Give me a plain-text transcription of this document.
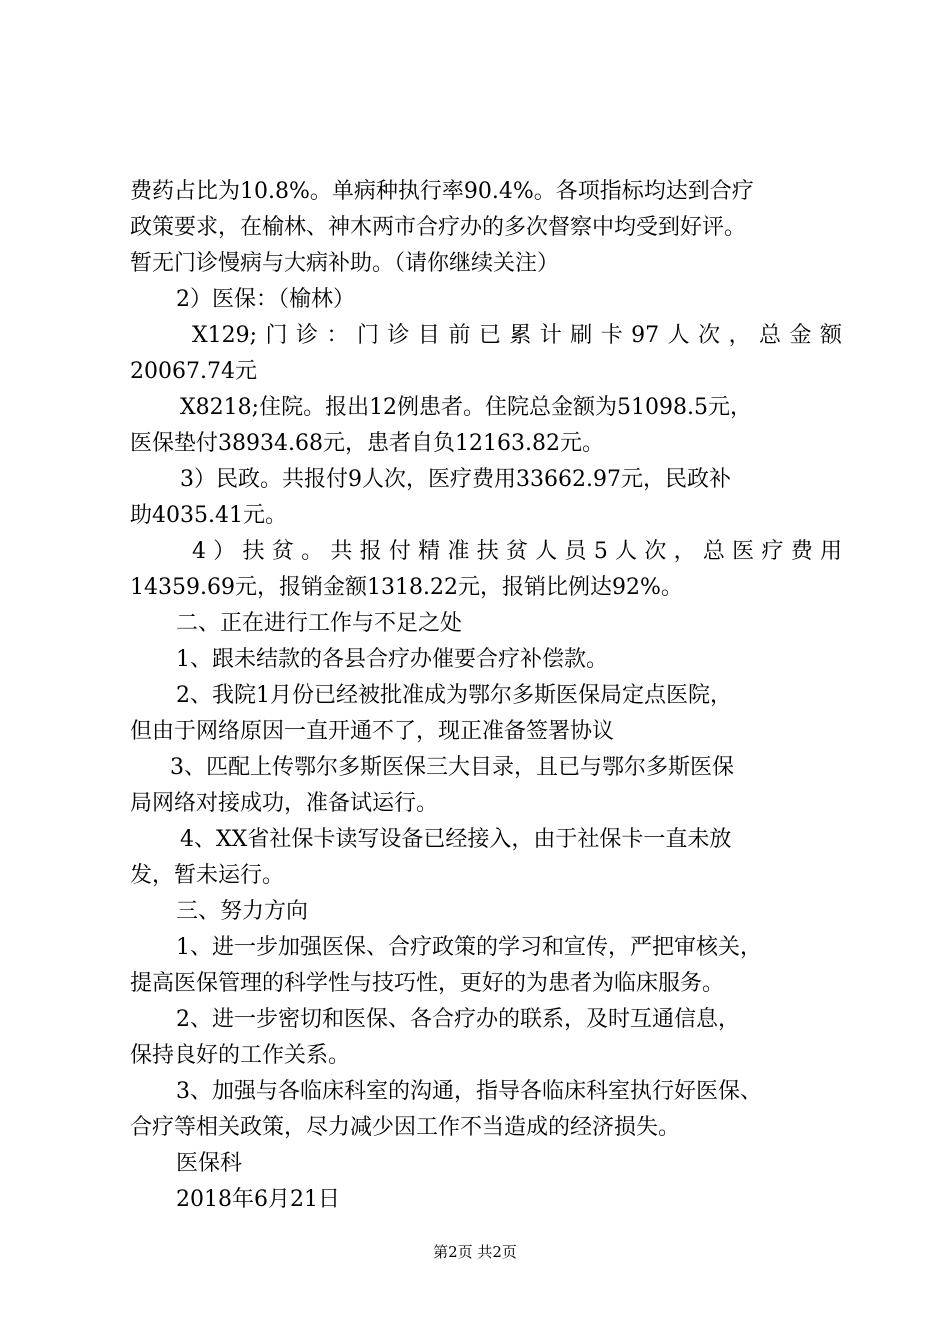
费药占比为10.8%。单病种执行率90.4%。各项指标均达到合疗
政策要求，在榆林、神木两市合疗办的多次督察中均受到好评。
暂无门诊慢病与大病补助。（请你继续关注）
2）医保：（榆林）
X129;门诊：门诊目前已累计刷卡97人次，总金额
20067.74元
X8218;住院。报出12例患者。住院总金额为51098.5元，
医保垫付38934.68元，患者自负12163.82元。
3）民政。共报付9人次，医疗费用33662.97元，民政补
助4035.41元。
4）扶贫。共报付精准扶贫人员5人次，总医疗费用
14359.69元，报销金额1318.22元，报销比例达92%。
二、正在进行工作与不足之处
1、跟未结款的各县合疗办催要合疗补偿款。
2、我院1月份已经被批准成为鄂尔多斯医保局定点医院，
但由于网络原因一直开通不了，现正准备签署协议
3、匹配上传鄂尔多斯医保三大目录，且已与鄂尔多斯医保
局网络对接成功，准备试运行。
4、XX省社保卡读写设备已经接入，由于社保卡一直未放
发，暂未运行。
三、努力方向
1、进一步加强医保、合疗政策的学习和宣传，严把审核关，
提高医保管理的科学性与技巧性，更好的为患者为临床服务。
2、进一步密切和医保、各合疗办的联系，及时互通信息，
保持良好的工作关系。
3、加强与各临床科室的沟通，指导各临床科室执行好医保、
合疗等相关政策，尽力减少因工作不当造成的经济损失。
医保科
2018年6月21日
第2页 共2页
